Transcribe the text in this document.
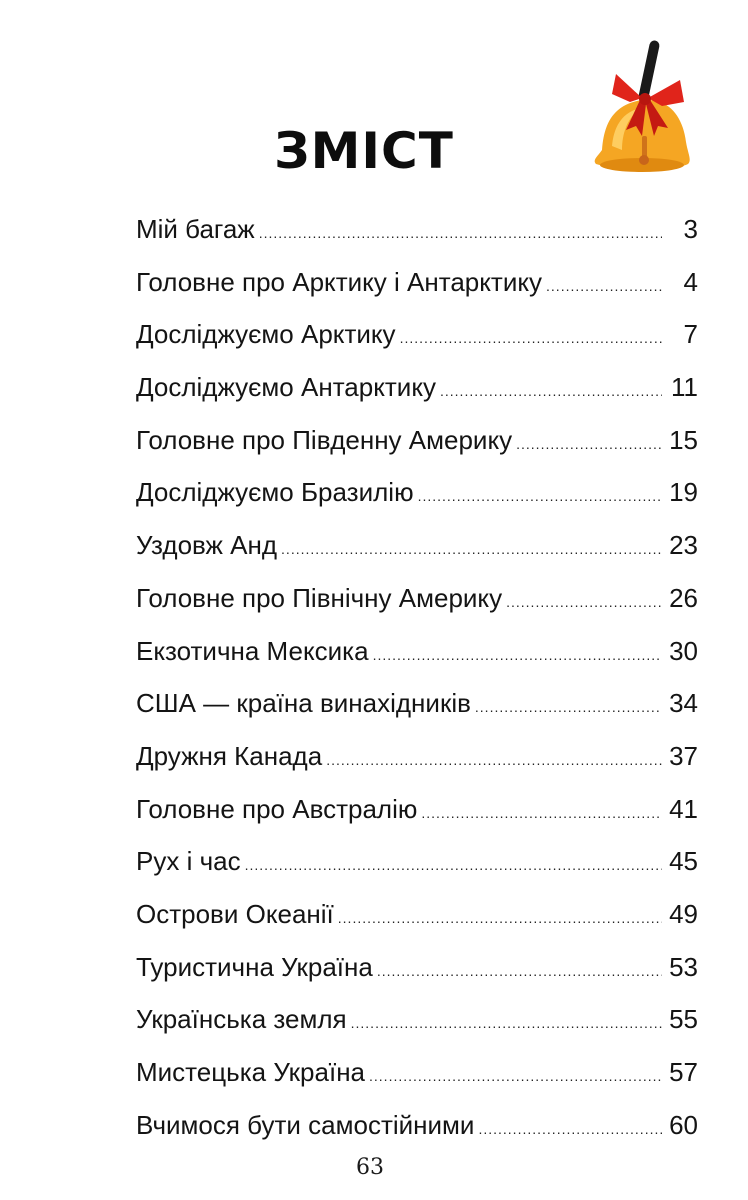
ЗМІСТ
Мій багаж .....	3
Головне про Арктику і Антарктику .....	4
Досліджуємо Арктику .....	7
Досліджуємо Антарктику .....	11
Головне про Південну Америку .....	15
Досліджуємо Бразилію .....	19
Уздовж Анд .....	23
Головне про Північну Америку .....	26
Екзотична Мексика .....	30
США — країна винахідників .....	34
Дружня Канада .....	37
Головне про Австралію .....	41
Рух і час .....	45
Острови Океанії .....	49
Туристична Україна .....	53
Українська земля .....	55
Мистецька Україна .....	57
Вчимося бути самостійними .....	60
63
